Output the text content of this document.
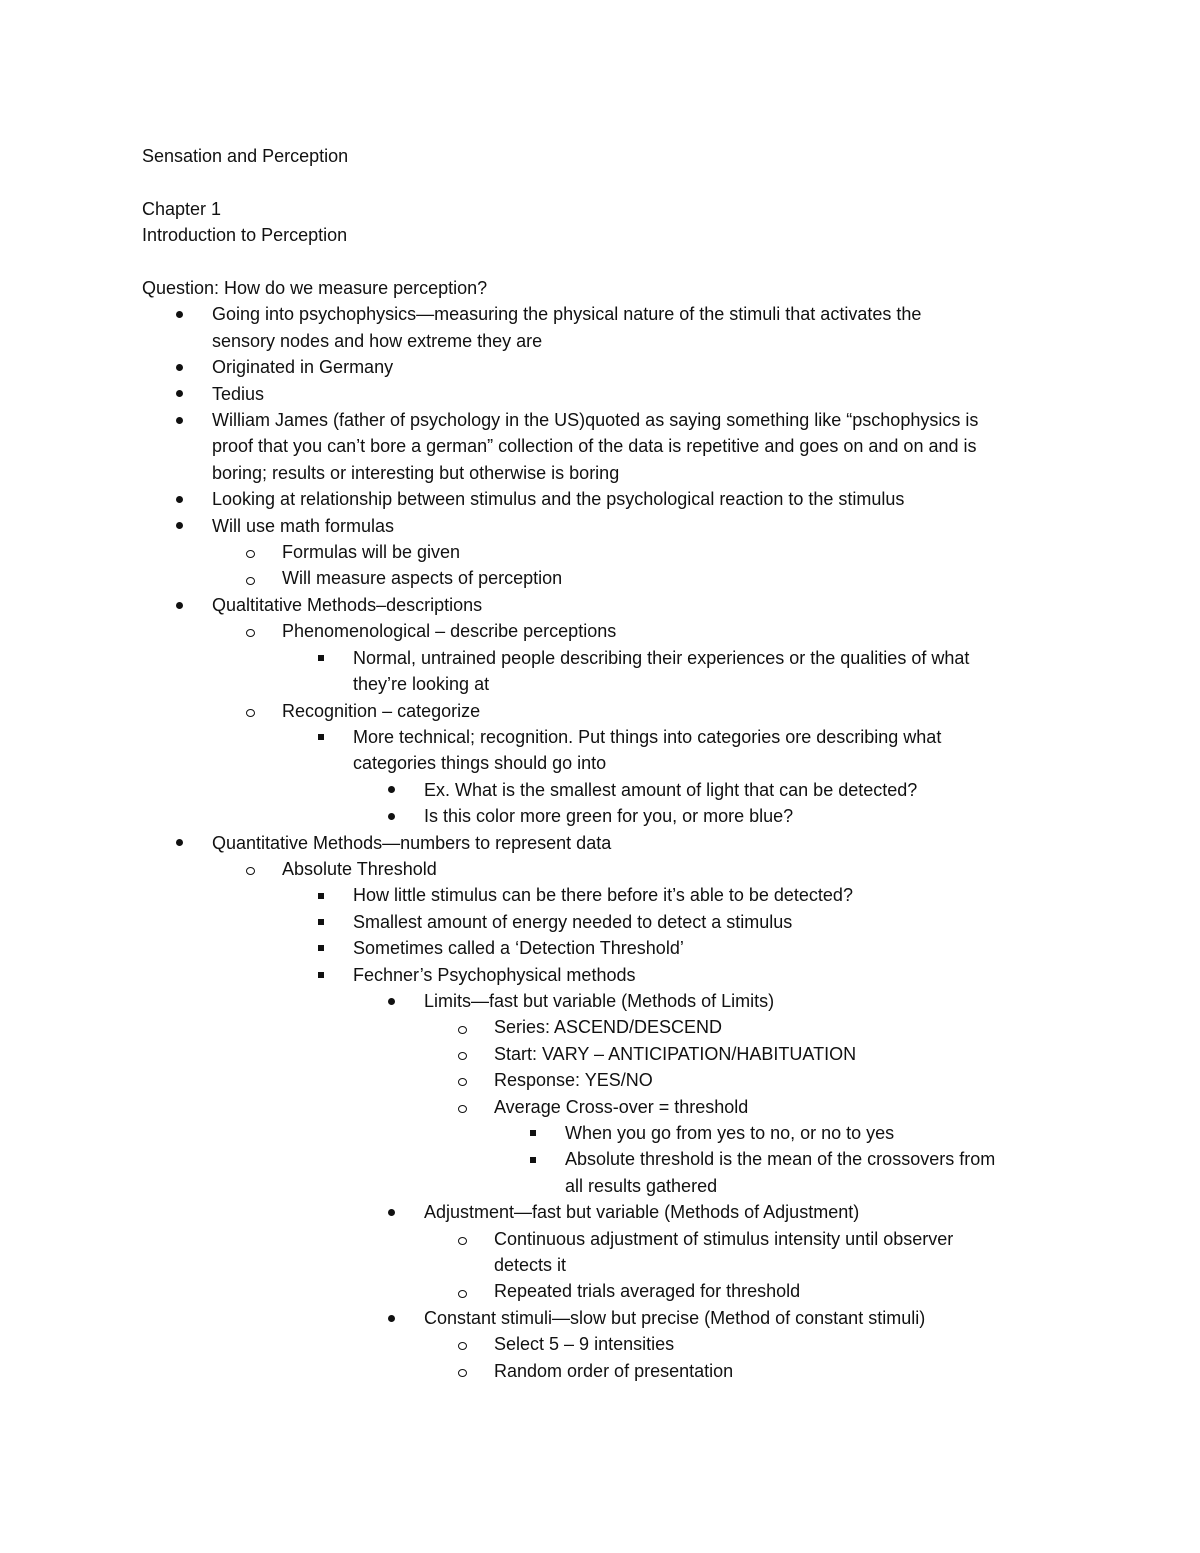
Sensation and Perception

Chapter 1

Introduction to Perception

Question: How do we measure perception?

Going into psychophysics—measuring the physical nature of the stimuli that activates the
sensory nodes and how extreme they are
Originated in Germany
Tedius
William James (father of psychology in the US)quoted as saying something like “pschophysics is
proof that you can’t bore a german” collection of the data is repetitive and goes on and on and is
boring; results or interesting but otherwise is boring
Looking at relationship between stimulus and the psychological reaction to the stimulus
Will use math formulas
Formulas will be given
Will measure aspects of perception
Qualtitative Methods–descriptions
Phenomenological – describe perceptions
Normal, untrained people describing their experiences or the qualities of what
they’re looking at
Recognition – categorize
More technical; recognition. Put things into categories ore describing what
categories things should go into
Ex. What is the smallest amount of light that can be detected?
Is this color more green for you, or more blue?
Quantitative Methods—numbers to represent data
Absolute Threshold
How little stimulus can be there before it’s able to be detected?
Smallest amount of energy needed to detect a stimulus
Sometimes called a ‘Detection Threshold’
Fechner’s Psychophysical methods
Limits—fast but variable (Methods of Limits)
Series: ASCEND/DESCEND
Start: VARY – ANTICIPATION/HABITUATION
Response: YES/NO
Average Cross-over = threshold
When you go from yes to no, or no to yes
Absolute threshold is the mean of the crossovers from
all results gathered
Adjustment—fast but variable (Methods of Adjustment)
Continuous adjustment of stimulus intensity until observer
detects it
Repeated trials averaged for threshold
Constant stimuli—slow but precise (Method of constant stimuli)
Select 5 – 9 intensities
Random order of presentation
